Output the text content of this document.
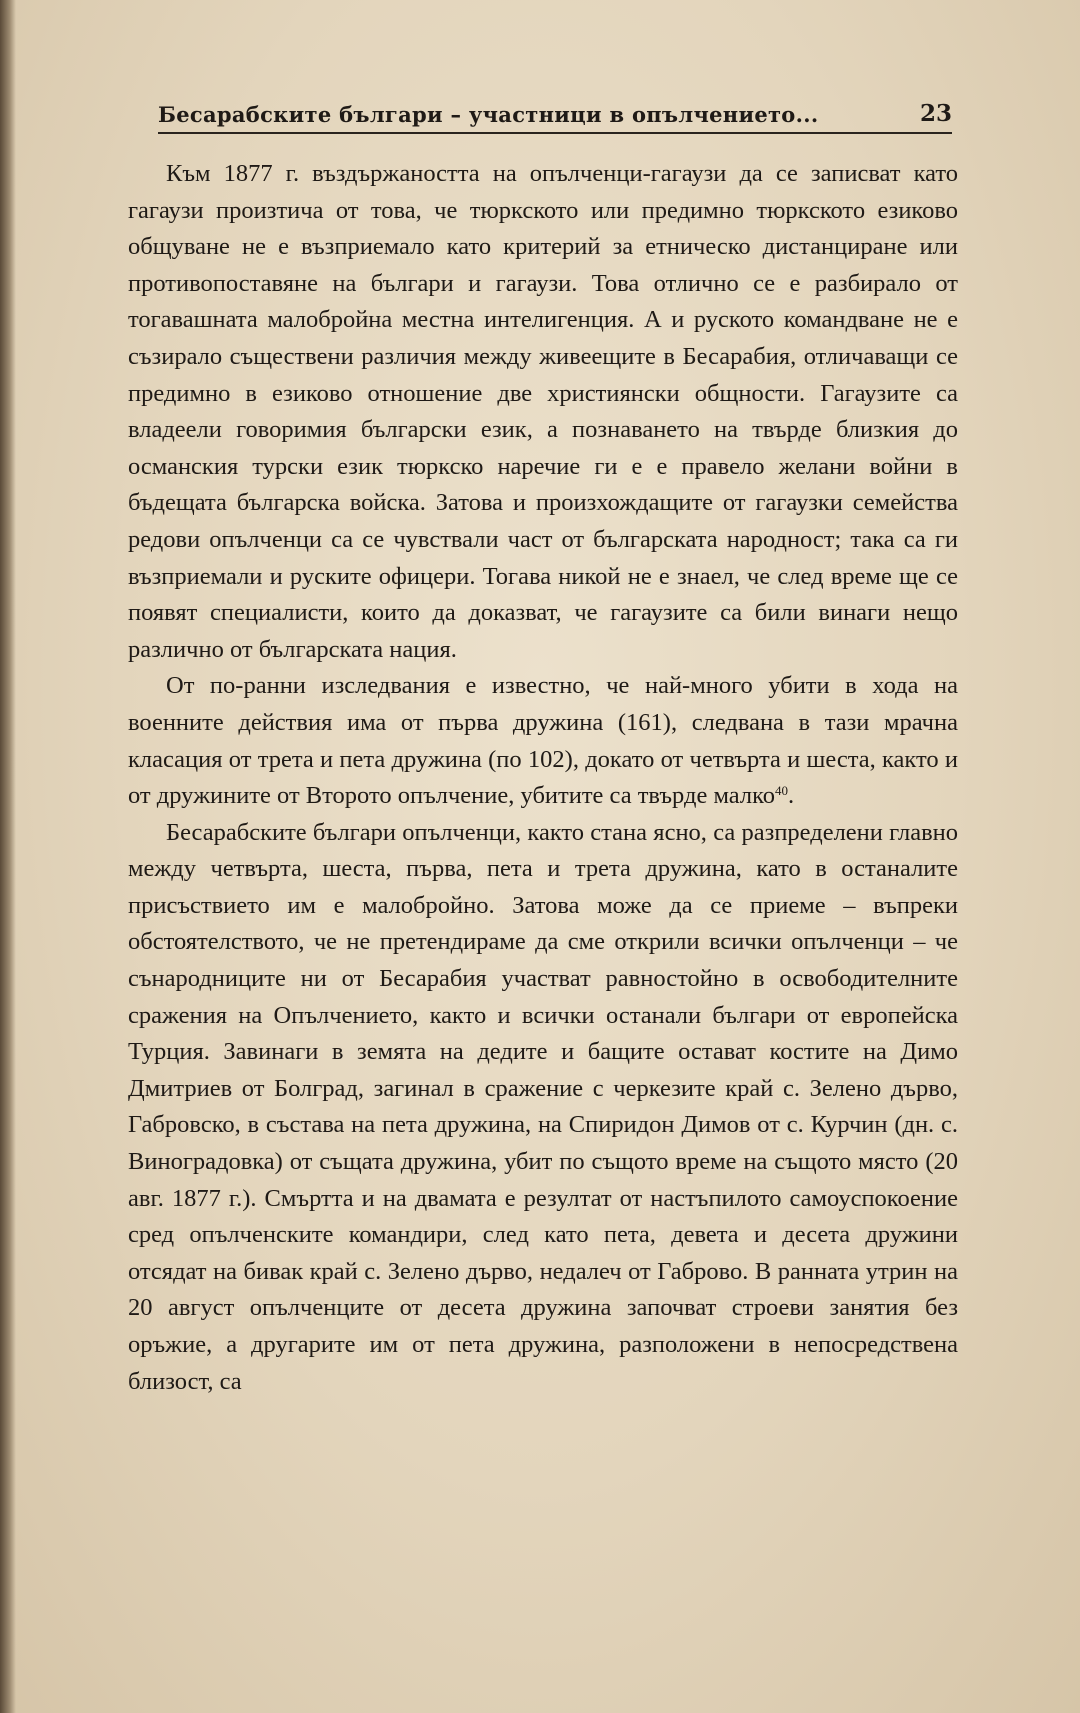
Бесарабските българи – участници в опълчението...	23

Към 1877 г. въздържаността на опълченци-гагаузи да се записват като гагаузи произтича от това, че тюркското или предимно тюркското езиково общуване не е възприемало като критерий за етническо дистанциране или противопоставяне на българи и гагаузи. Това отлично се е разбирало от тогавашната малобройна местна интелигенция. А и руското командване не е съзирало съществени различия между живеещите в Бесарабия, отличаващи се предимно в езиково отношение две християнски общности. Гагаузите са владеели говоримия български език, а познаването на твърде близкия до османския турски език тюркско наречие ги е е правело желани войни в бъдещата българска войска. Затова и произхождащите от гагаузки семейства редови опълченци са се чувствали част от българската народност; така са ги възприемали и руските офицери. Тогава никой не е знаел, че след време ще се появят специалисти, които да доказват, че гагаузите са били винаги нещо различно от българската нация.

От по-ранни изследвания е известно, че най-много убити в хода на военните действия има от първа дружина (161), следвана в тази мрачна класация от трета и пета дружина (по 102), докато от четвърта и шеста, както и от дружините от Второто опълчение, убитите са твърде малко$^{40}$.

Бесарабските българи опълченци, както стана ясно, са разпределени главно между четвърта, шеста, първа, пета и трета дружина, като в останалите присъствието им е малобройно. Затова може да се приеме – въпреки обстоятелството, че не претендираме да сме открили всички опълченци – че сънародниците ни от Бесарабия участват равностойно в освободителните сражения на Опълчението, както и всички останали българи от европейска Турция. Завинаги в земята на дедите и бащите остават костите на Димо Дмитриев от Болград, загинал в сражение с черкезите край с. Зелено дърво, Габровско, в състава на пета дружина, на Спиридон Димов от с. Курчин (дн. с. Виноградовка) от същата дружина, убит по същото време на същото място (20 авг. 1877 г.). Смъртта и на двамата е резултат от настъпилото самоуспокоение сред опълченските командири, след като пета, девета и десета дружини отсядат на бивак край с. Зелено дърво, недалеч от Габрово. В ранната утрин на 20 август опълченците от десета дружина започват строеви занятия без оръжие, а другарите им от пета дружина, разположени в непосредствена близост, са
